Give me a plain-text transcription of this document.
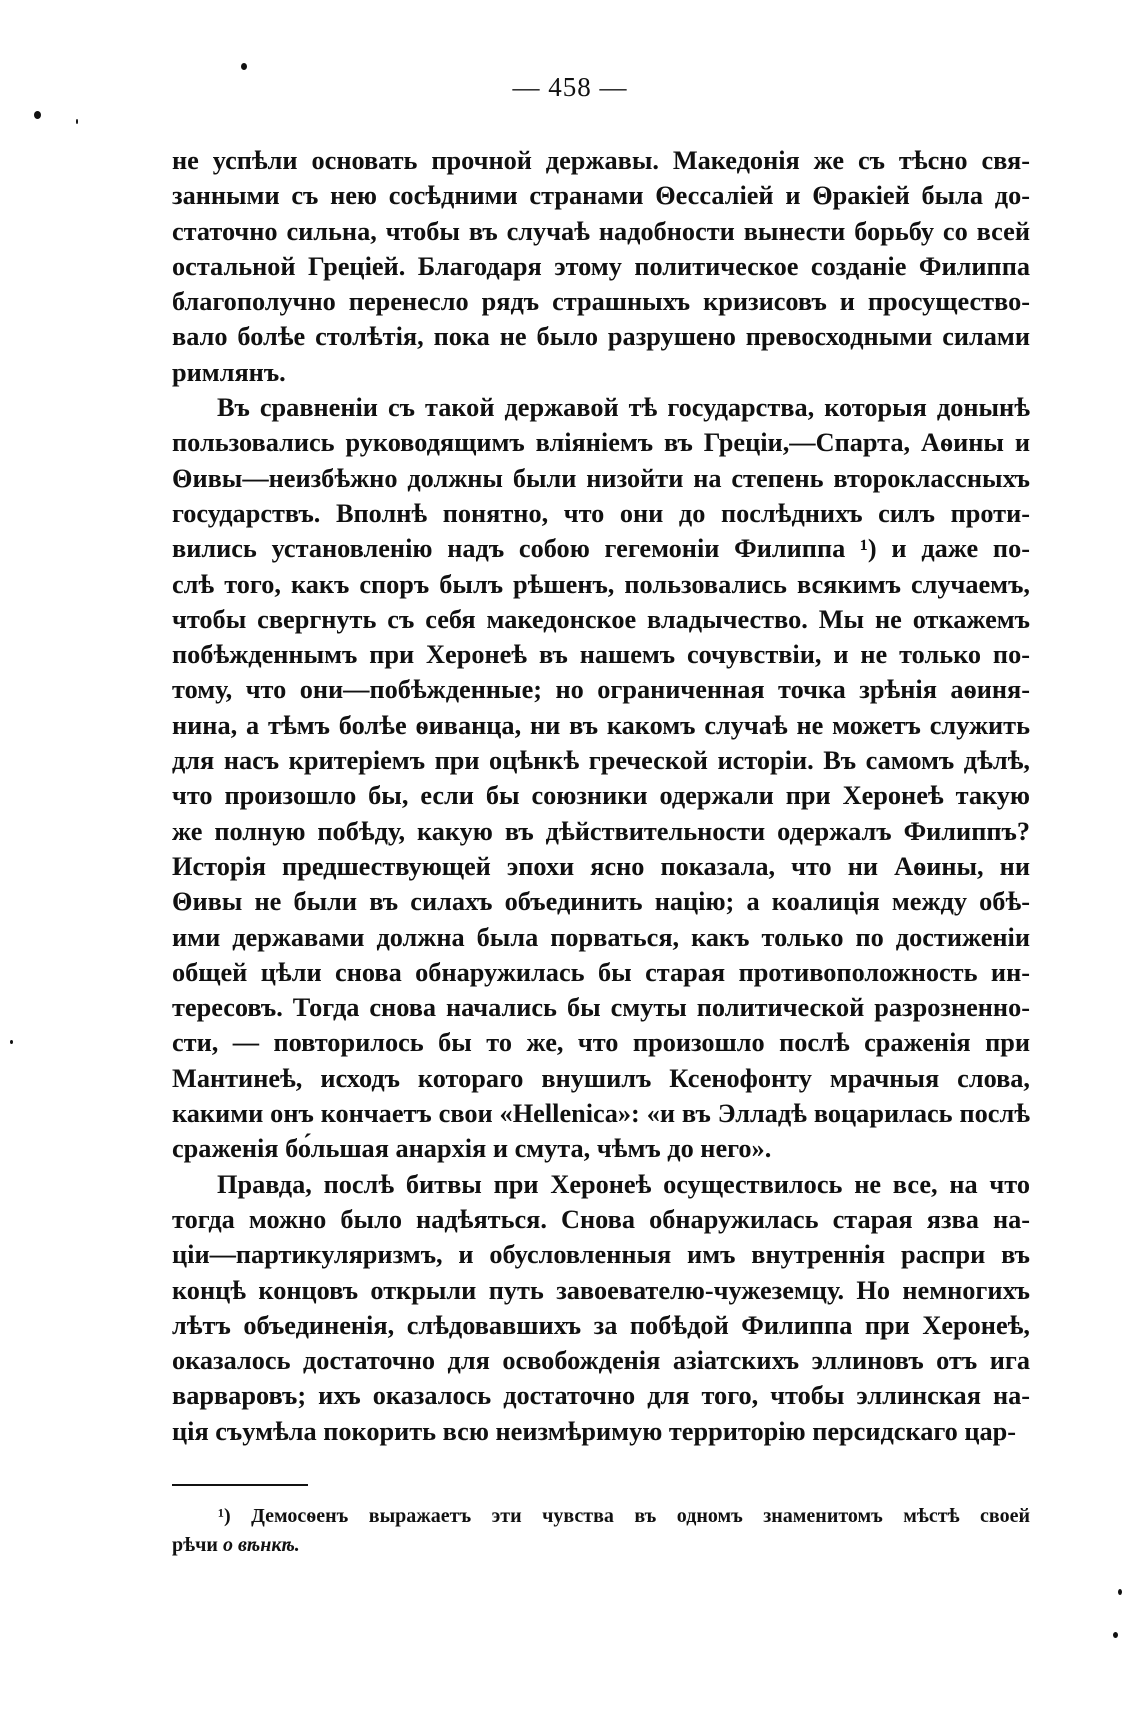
— 458 —

не успѣли основать прочной державы. Македонія же съ тѣсно свя-
занными съ нею сосѣдними странами Θессаліей и Θракіей была до-
статочно сильна, чтобы въ случаѣ надобности вынести борьбу со всей
остальной Греціей. Благодаря этому политическое созданіе Филиппа
благополучно перенесло рядъ страшныхъ кризисовъ и просущество-
вало болѣе столѣтія, пока не было разрушено превосходными силами
римлянъ.

Въ сравненіи съ такой державой тѣ государства, которыя донынѣ
пользовались руководящимъ вліяніемъ въ Греціи,—Спарта, Аѳины и
Θивы—неизбѣжно должны были низойти на степень второклассныхъ
государствъ. Вполнѣ понятно, что они до послѣднихъ силъ проти-
вились установленію надъ собою гегемоніи Филиппа ¹) и даже по-
слѣ того, какъ споръ былъ рѣшенъ, пользовались всякимъ случаемъ,
чтобы свергнуть съ себя македонское владычество. Мы не откажемъ
побѣжденнымъ при Херонеѣ въ нашемъ сочувствіи, и не только по-
тому, что они—побѣжденные; но ограниченная точка зрѣнія аѳиня-
нина, а тѣмъ болѣе ѳиванца, ни въ какомъ случаѣ не можетъ служить
для насъ критеріемъ при оцѣнкѣ греческой исторіи. Въ самомъ дѣлѣ,
что произошло бы, если бы союзники одержали при Херонеѣ такую
же полную побѣду, какую въ дѣйствительности одержалъ Филиппъ?
Исторія предшествующей эпохи ясно показала, что ни Аѳины, ни
Θивы не были въ силахъ объединить націю; а коалиція между обѣ-
ими державами должна была порваться, какъ только по достиженіи
общей цѣли снова обнаружилась бы старая противоположность ин-
тересовъ. Тогда снова начались бы смуты политической разрозненно-
сти, — повторилось бы то же, что произошло послѣ сраженія при
Мантинеѣ, исходъ котораго внушилъ Ксенофонту мрачныя слова,
какими онъ кончаетъ свои «Hellenica»: «и въ Элладѣ воцарилась послѣ
сраженія бо́льшая анархія и смута, чѣмъ до него».

Правда, послѣ битвы при Херонеѣ осуществилось не все, на что
тогда можно было надѣяться. Снова обнаружилась старая язва на-
ціи—партикуляризмъ, и обусловленныя имъ внутреннія распри въ
концѣ концовъ открыли путь завоевателю-чужеземцу. Но немногихъ
лѣтъ объединенія, слѣдовавшихъ за побѣдой Филиппа при Херонеѣ,
оказалось достаточно для освобожденія азіатскихъ эллиновъ отъ ига
варваровъ; ихъ оказалось достаточно для того, чтобы эллинская на-
ція съумѣла покорить всю неизмѣримую территорію персидскаго цар-

¹) Демосѳенъ выражаетъ эти чувства въ одномъ знаменитомъ мѣстѣ своей
рѣчи о вѣнкѣ.
